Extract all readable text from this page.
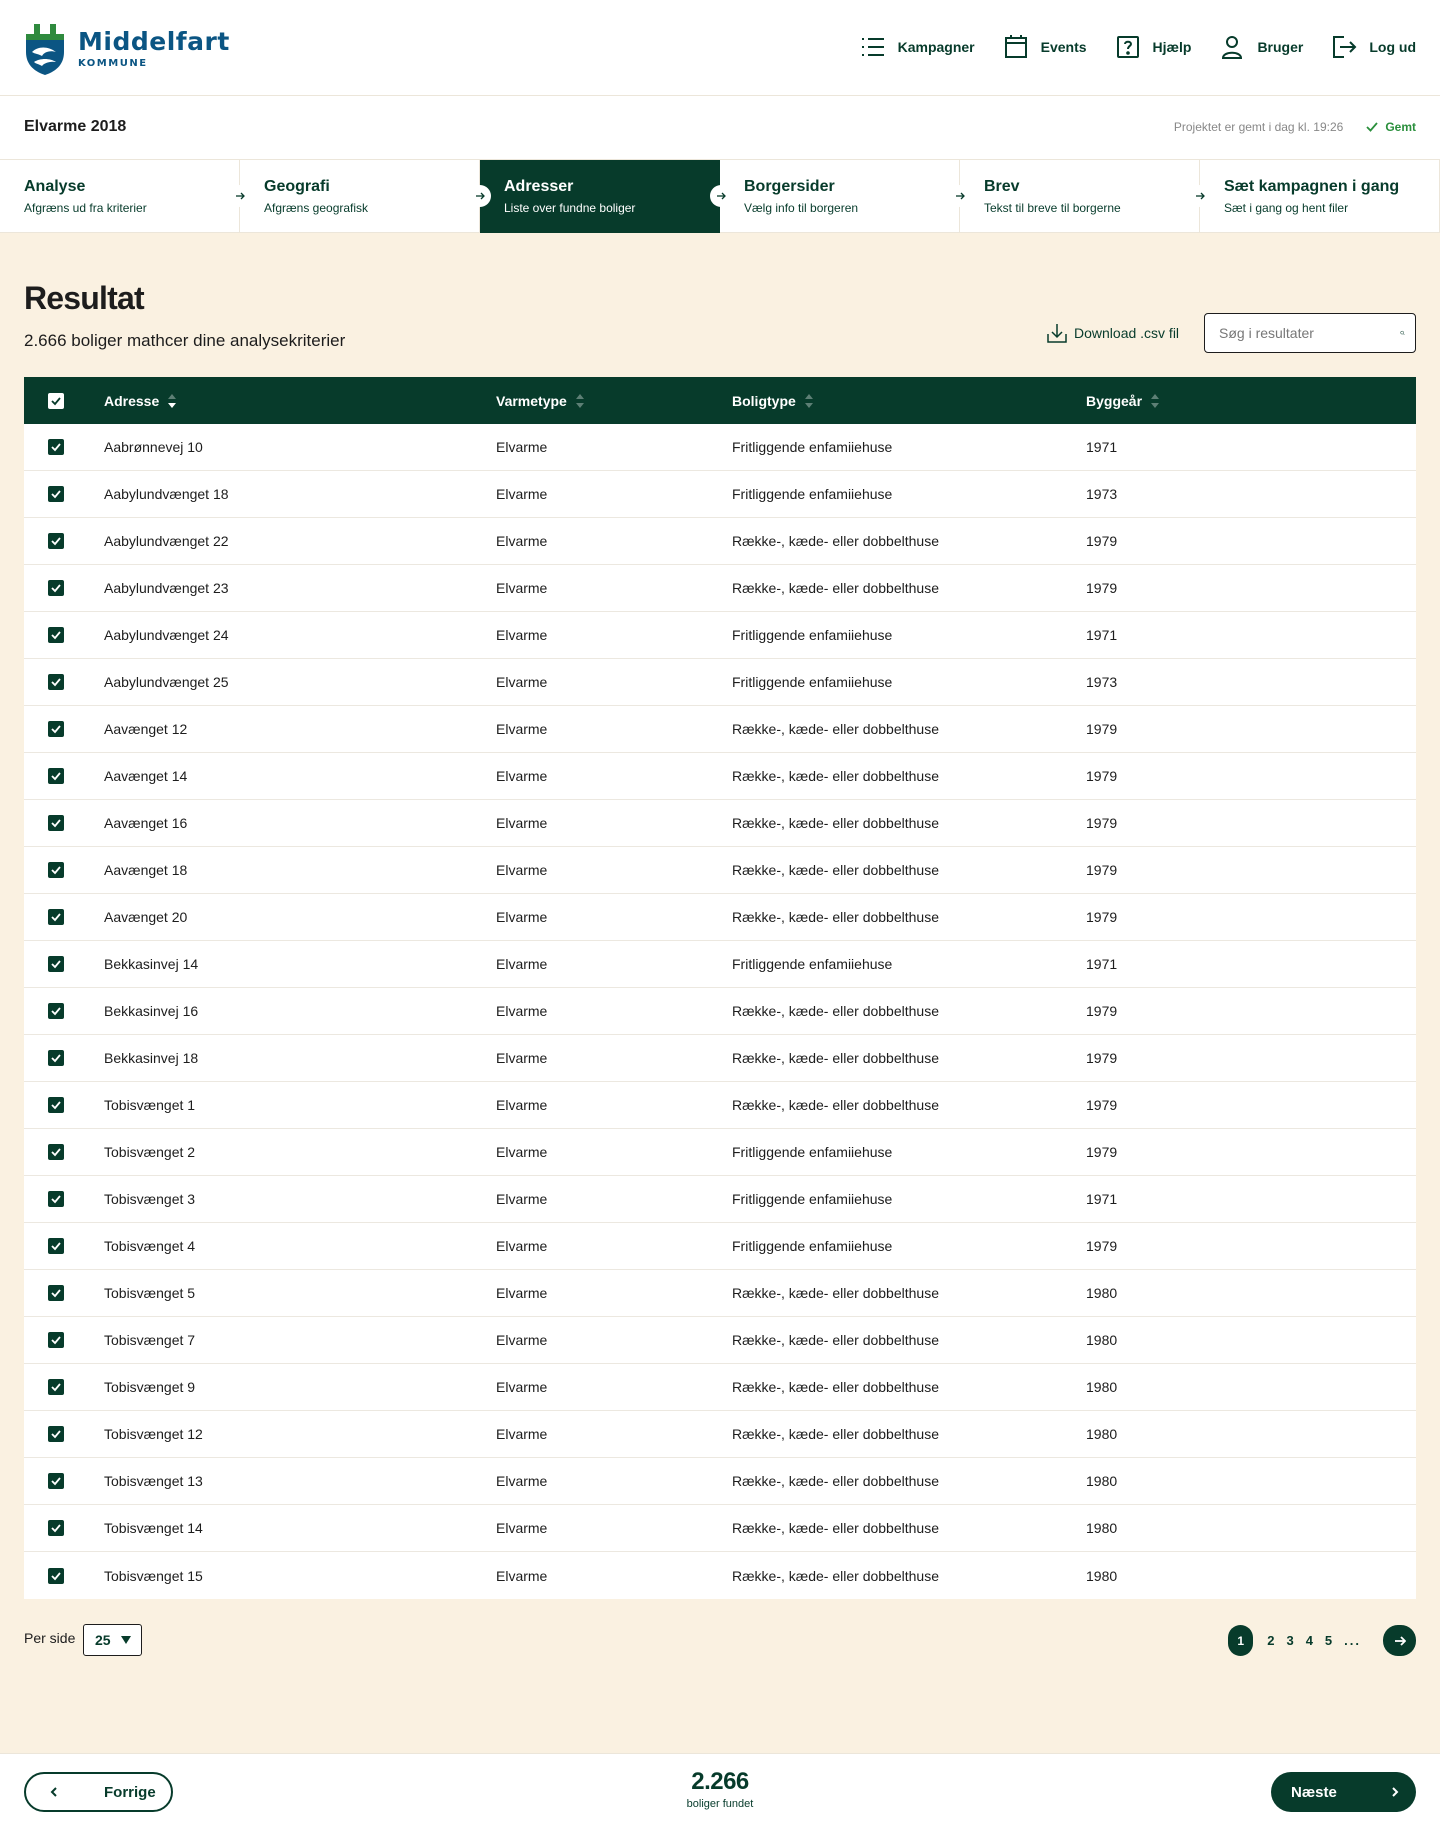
Middelfart
KOMMUNE
Kampagner	Events	Hjælp	Bruger	Log ud
Elvarme 2018	Projektet er gemt i dag kl. 19:26	Gemt
Analyse
Afgræns ud fra kriterier
Geografi
Afgræns geografisk
Adresser
Liste over fundne boliger
Borgersider
Vælg info til borgeren
Brev
Tekst til breve til borgerne
Sæt kampagnen i gang
Sæt i gang og hent filer
Resultat
2.666 boliger mathcer dine analysekriterier	Download .csv fil
Søg i resultater
Adresse	Varmetype	Boligtype	Byggeår
Aabrønnevej 10	Elvarme	Fritliggende enfamiiehuse	1971
Aabylundvænget 18	Elvarme	Fritliggende enfamiiehuse	1973
Aabylundvænget 22	Elvarme	Række-, kæde- eller dobbelthuse	1979
Aabylundvænget 23	Elvarme	Række-, kæde- eller dobbelthuse	1979
Aabylundvænget 24	Elvarme	Fritliggende enfamiiehuse	1971
Aabylundvænget 25	Elvarme	Fritliggende enfamiiehuse	1973
Aavænget 12	Elvarme	Række-, kæde- eller dobbelthuse	1979
Aavænget 14	Elvarme	Række-, kæde- eller dobbelthuse	1979
Aavænget 16	Elvarme	Række-, kæde- eller dobbelthuse	1979
Aavænget 18	Elvarme	Række-, kæde- eller dobbelthuse	1979
Aavænget 20	Elvarme	Række-, kæde- eller dobbelthuse	1979
Bekkasinvej 14	Elvarme	Fritliggende enfamiiehuse	1971
Bekkasinvej 16	Elvarme	Række-, kæde- eller dobbelthuse	1979
Bekkasinvej 18	Elvarme	Række-, kæde- eller dobbelthuse	1979
Tobisvænget 1	Elvarme	Række-, kæde- eller dobbelthuse	1979
Tobisvænget 2	Elvarme	Fritliggende enfamiiehuse	1979
Tobisvænget 3	Elvarme	Fritliggende enfamiiehuse	1971
Tobisvænget 4	Elvarme	Fritliggende enfamiiehuse	1979
Tobisvænget 5	Elvarme	Række-, kæde- eller dobbelthuse	1980
Tobisvænget 7	Elvarme	Række-, kæde- eller dobbelthuse	1980
Tobisvænget 9	Elvarme	Række-, kæde- eller dobbelthuse	1980
Tobisvænget 12	Elvarme	Række-, kæde- eller dobbelthuse	1980
Tobisvænget 13	Elvarme	Række-, kæde- eller dobbelthuse	1980
Tobisvænget 14	Elvarme	Række-, kæde- eller dobbelthuse	1980
Tobisvænget 15	Elvarme	Række-, kæde- eller dobbelthuse	1980
Per side 25	1	2 3 4 5 ...
Forrige	2.266
boliger fundet
Næste
